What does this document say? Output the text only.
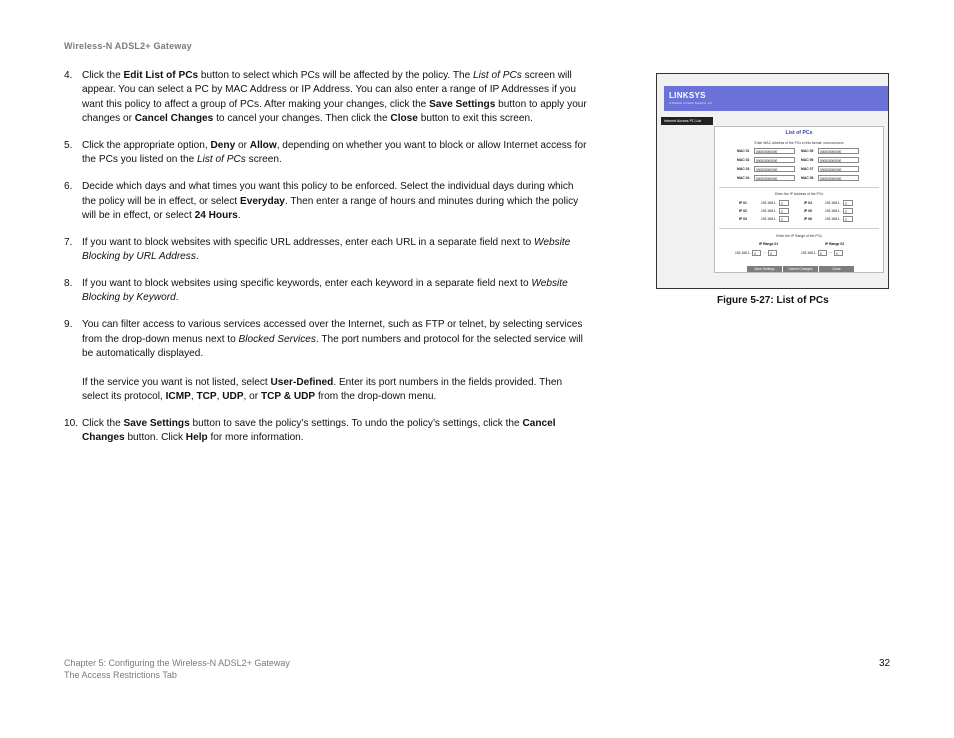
Wireless-N ADSL2+ Gateway
4. Click the Edit List of PCs button to select which PCs will be affected by the policy. The List of PCs screen will appear. You can select a PC by MAC Address or IP Address. You can also enter a range of IP Addresses if you want this policy to affect a group of PCs. After making your changes, click the Save Settings button to apply your changes or Cancel Changes to cancel your changes. Then click the Close button to exit this screen.

5. Click the appropriate option, Deny or Allow, depending on whether you want to block or allow Internet access for the PCs you listed on the List of PCs screen.

6. Decide which days and what times you want this policy to be enforced. Select the individual days during which the policy will be in effect, or select Everyday. Then enter a range of hours and minutes during which the policy will be in effect, or select 24 Hours.

7. If you want to block websites with specific URL addresses, enter each URL in a separate field next to Website Blocking by URL Address.

8. If you want to block websites using specific keywords, enter each keyword in a separate field next to Website Blocking by Keyword.

9. You can filter access to various services accessed over the Internet, such as FTP or telnet, by selecting services from the drop-down menus next to Blocked Services. The port numbers and protocol for the selected service will be automatically displayed.

If the service you want is not listed, select User-Defined. Enter its port numbers in the fields provided. Then select its protocol, ICMP, TCP, UDP, or TCP & UDP from the drop-down menu.

10. Click the Save Settings button to save the policy’s settings. To undo the policy’s settings, click the Cancel Changes button. Click Help for more information.

LINKSYS
A Division of Cisco Systems, Inc.
Internet Access PC List
List of PCs
Enter MAC Address of the PCs in this format: xxxxxxxxxxxx
Enter the IP Address of the PCs
Enter the IP Range of the PCs
Save Settings	Cancel Changes	Close
MAC 01	000000000000	MAC 05	000000000000
MAC 02	000000000000	MAC 06	000000000000
MAC 03	000000000000	MAC 07	000000000000
MAC 04	000000000000	MAC 08	000000000000
IP 01	192.168.1.	0	IP 04	192.168.1.	0
IP 02	192.168.1.	0	IP 05	192.168.1.	0
IP 03	192.168.1.	0	IP 06	192.168.1.	0
IP Range 01
192.168.1.	0	~	0
IP Range 02
192.168.1.	0	~	0
Figure 5-27: List of PCs
Chapter 5: Configuring the Wireless-N ADSL2+ Gateway
The Access Restrictions Tab
32
